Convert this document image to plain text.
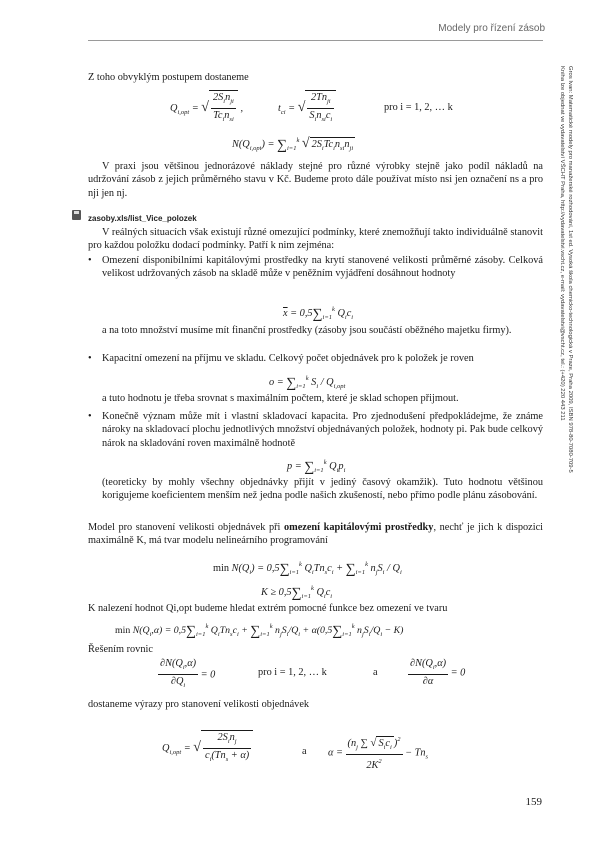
Modely pro řízení zásob
Gros Ivan: Matematické modely pro manažerské rozhodování, 1st ed. Vysoká škola chemicko-technologická v Praze, Praha 2009, ISBN 978-80-7080-709-5
Kniha lze objednat ve vydavatelství VŠCHT Praha, http://vydavatelstvi.vscht.cz, e-mail: vydavatelstvi@vscht.cz, tel.: (+420) 220 443 211

Z toho obvyklým postupem dostaneme

$Q_{i,opt}$ = √ $\frac{2S_in_{ji}}{Tc_in_{si}}$ ,	$t_{ci}$ = √ $\frac{2Tn_{ji}}{S_in_{si}c_i}$	pro i = 1, 2, … k
$N(Q_{i,opt}) = \sum_{i=1}^k$ √ $2S_iTc_in_{si}n_{ji}$

V praxi jsou většinou jednorázové náklady stejné pro různé výrobky stejně jako podíl nákladů na udržování zásob z jejich průměrného stavu v Kč. Budeme proto dále používat místo nsi jen označení ns a pro nji jen nj.

zasoby.xls/list_Vice_polozek

V reálných situacích však existují různé omezující podmínky, které znemožňují takto individuálně stanovit pro každou položku dodací podmínky. Patří k nim zejména:

• Omezení disponibilními kapitálovými prostředky na krytí stanovené velikosti průměrné zásoby. Celková velikost udržovaných zásob na skladě může v peněžním vyjádření dosáhnout hodnoty
$\overline{x} = 0,5\sum_{i=1}^k$ $Q_ic_i$
a na toto množství musíme mít finanční prostředky (zásoby jsou součástí oběžného majetku firmy).
• Kapacitní omezení na příjmu ve skladu. Celkový počet objednávek pro k položek je roven
$o = \sum_{i=1}^k$ $S_i / Q_{i,opt}$
a tuto hodnotu je třeba srovnat s maximálním počtem, které je sklad schopen přijmout.
• Konečně význam může mít i vlastní skladovací kapacita. Pro zjednodušení předpokládejme, že známe nároky na skladovací plochu jednotlivých množství objednávaných položek, hodnoty pi. Pak bude celkový nárok na skladování roven maximálně hodnotě
$p = \sum_{i=1}^k$ $Q_ip_i$
(teoreticky by mohly všechny objednávky přijít v jediný časový okamžik). Tuto hodnotu většinou korigujeme koeficientem menším než jedna podle našich zkušeností, nebo přímo podle plánu zásobování.

Model pro stanovení velikosti objednávek při omezení kapitálovými prostředky, nechť je jich k dispozici maximálně K, má tvar modelu nelineárního programování

$\min N(Q_i) = 0,5\sum_{i=1}^k$ $Q_iTn_sc_i + \sum_{i=1}^k$ $n_jS_i / Q_i$
$K \ge 0,5\sum_{i=1}^k$ $Q_ic_i$

K nalezení hodnot Qi,opt budeme hledat extrém pomocné funkce bez omezení ve tvaru

$\min N(Q_i,\alpha) = 0,5\sum_{i=1}^k$ $Q_iTn_sc_i + \sum_{i=1}^k$ $n_jS_i/Q_i + \alpha(0,5\sum_{i=1}^k$ $n_jS_i/Q_i - K$)

Řešením rovnic

$\frac{\partial N(Q_i,\alpha)}{\partial Q_i} = 0$	pro i = 1, 2, … k	a	$\frac{\partial N(Q_i,\alpha)}{\partial\alpha} = 0$

dostaneme výrazy pro stanovení velikosti objednávek

$Q_{i,opt}$ = √ $\frac{2S_in_j}{c_i(Tn_s + \alpha)}$	a $\alpha = \frac{(n_j \sum √ S_ic_i )^2}{2K^2} - Tn_s$
159
